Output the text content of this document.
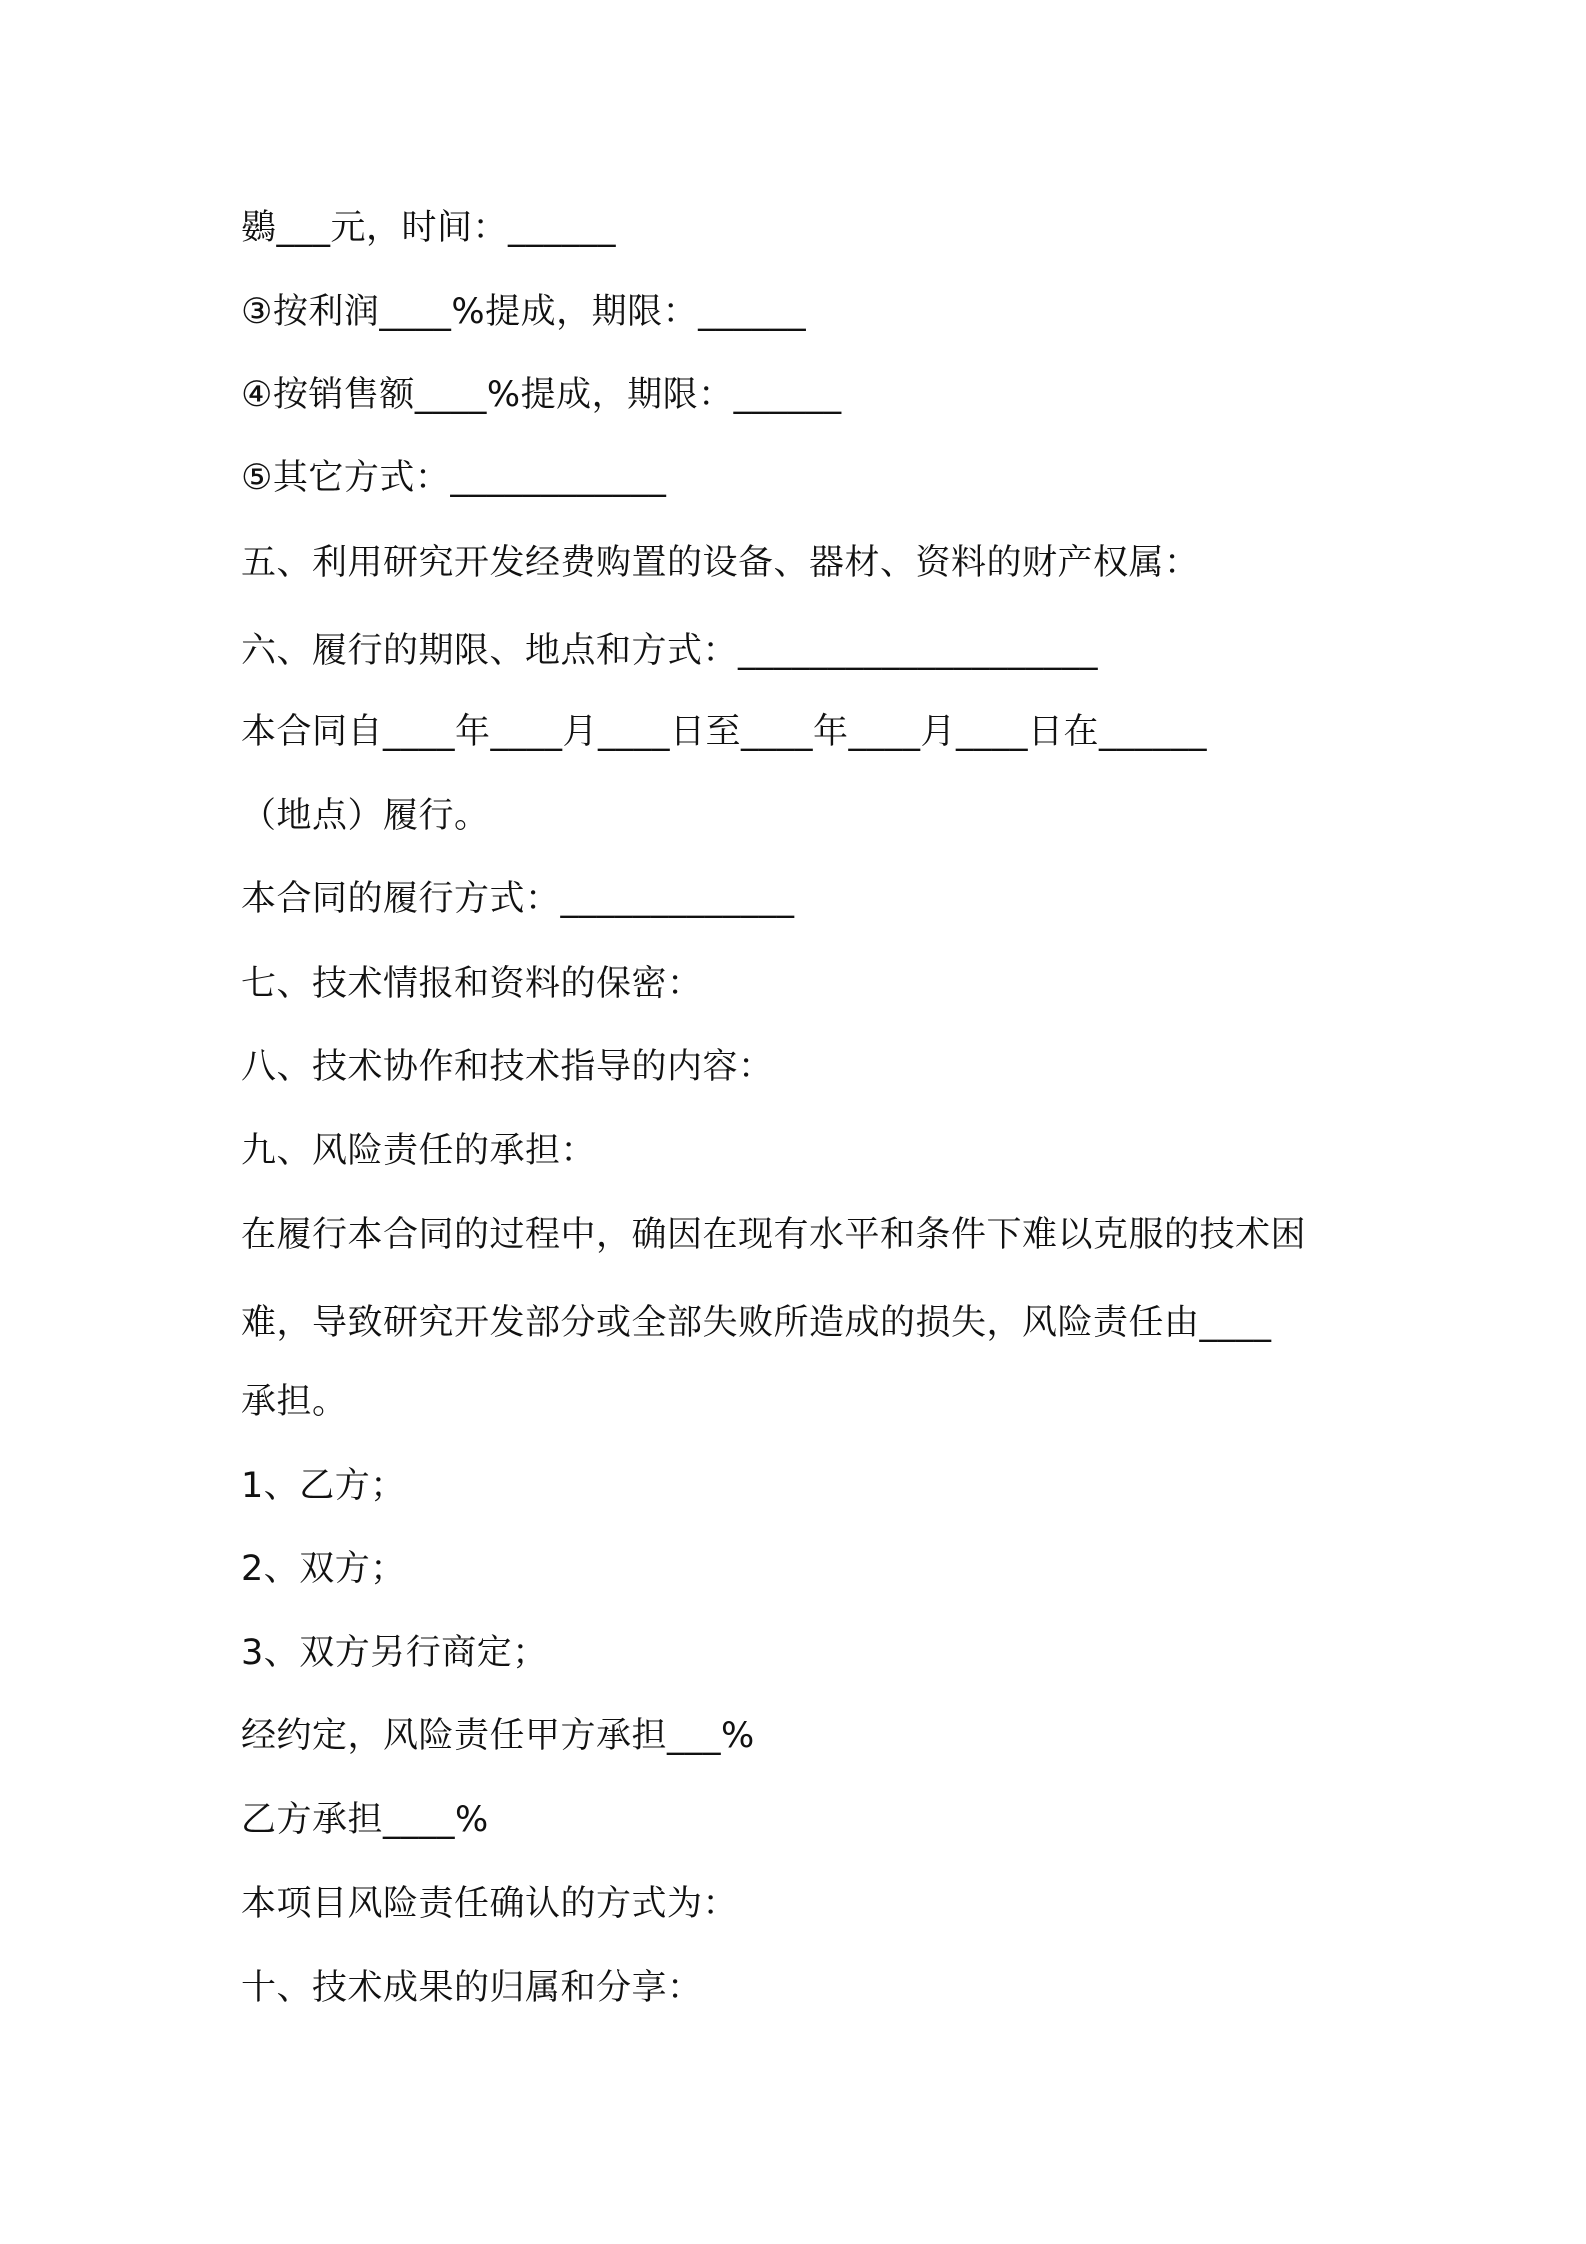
鷃___元，时间：______
③按利润____%提成，期限：______
④按销售额____%提成，期限：______
⑤其它方式：____________
五、利用研究开发经费购置的设备、器材、资料的财产权属：
六、履行的期限、地点和方式：____________________
本合同自____年____月____日至____年____月____日在______
（地点）履行。
本合同的履行方式：_____________
七、技术情报和资料的保密：
八、技术协作和技术指导的内容：
九、风险责任的承担：
在履行本合同的过程中，确因在现有水平和条件下难以克服的技术困
难，导致研究开发部分或全部失败所造成的损失，风险责任由____
承担。
1、乙方；
2、双方；
3、双方另行商定；
经约定，风险责任甲方承担___%
乙方承担____%
本项目风险责任确认的方式为：
十、技术成果的归属和分享：
